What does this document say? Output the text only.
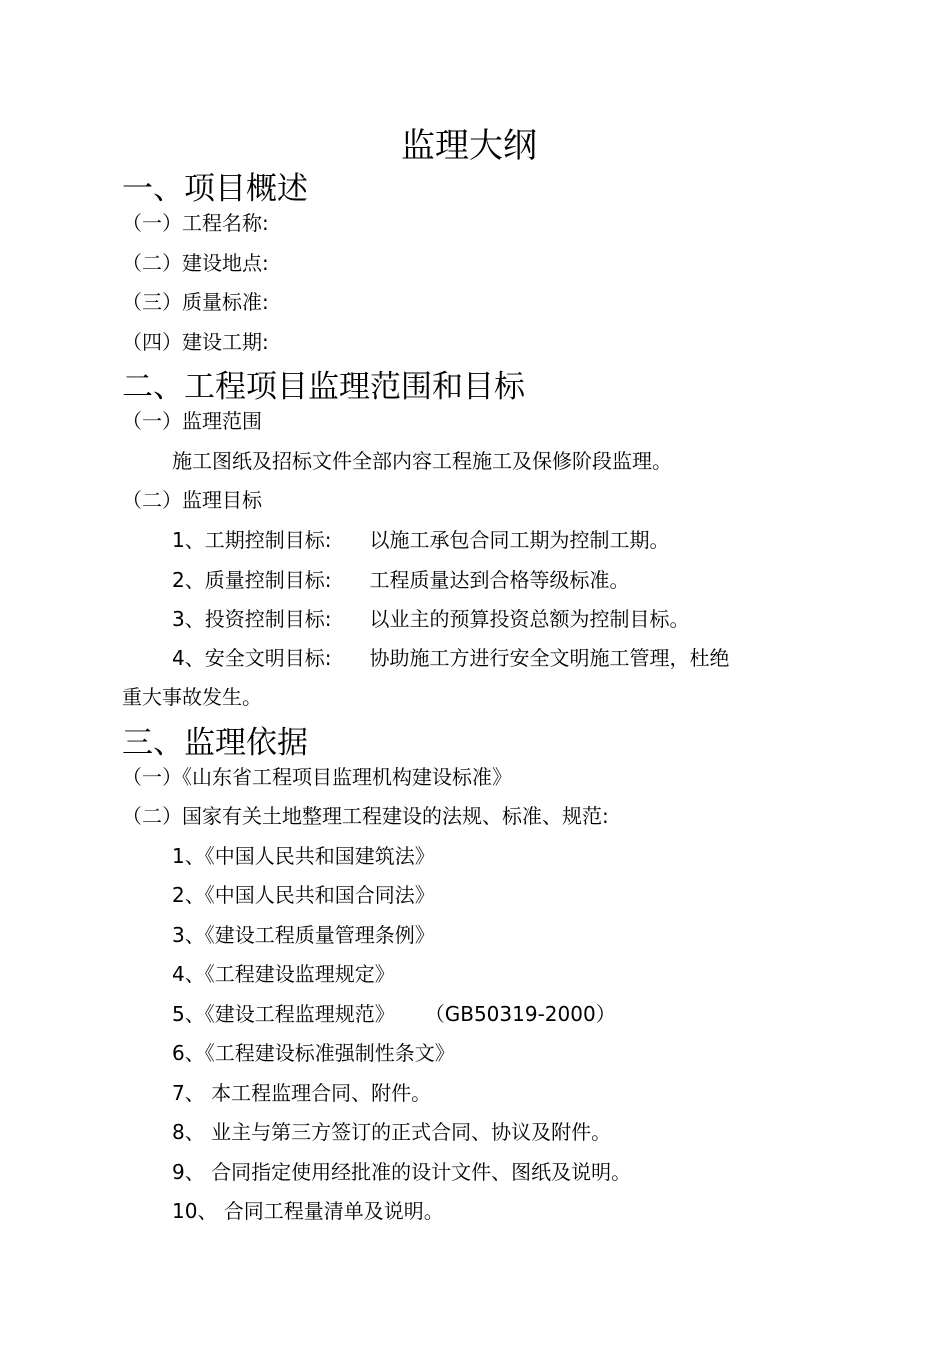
监理大纲
一、项目概述
（一）工程名称:
（二）建设地点:
（三）质量标准:
（四）建设工期:
二、工程项目监理范围和目标
（一）监理范围
施工图纸及招标文件全部内容工程施工及保修阶段监理。
（二）监理目标
1、工期控制目标: 以施工承包合同工期为控制工期。
2、质量控制目标: 工程质量达到合格等级标准。
3、投资控制目标: 以业主的预算投资总额为控制目标。
4、安全文明目标: 协助施工方进行安全文明施工管理，杜绝
重大事故发生。
三、监理依据
（一）《山东省工程项目监理机构建设标准》
（二）国家有关土地整理工程建设的法规、标准、规范:
1、《中国人民共和国建筑法》
2、《中国人民共和国合同法》
3、《建设工程质量管理条例》
4、《工程建设监理规定》
5、《建设工程监理规范》 （GB50319-2000）
6、《工程建设标准强制性条文》
7、 本工程监理合同、附件。
8、 业主与第三方签订的正式合同、协议及附件。
9、 合同指定使用经批准的设计文件、图纸及说明。
10、 合同工程量清单及说明。
